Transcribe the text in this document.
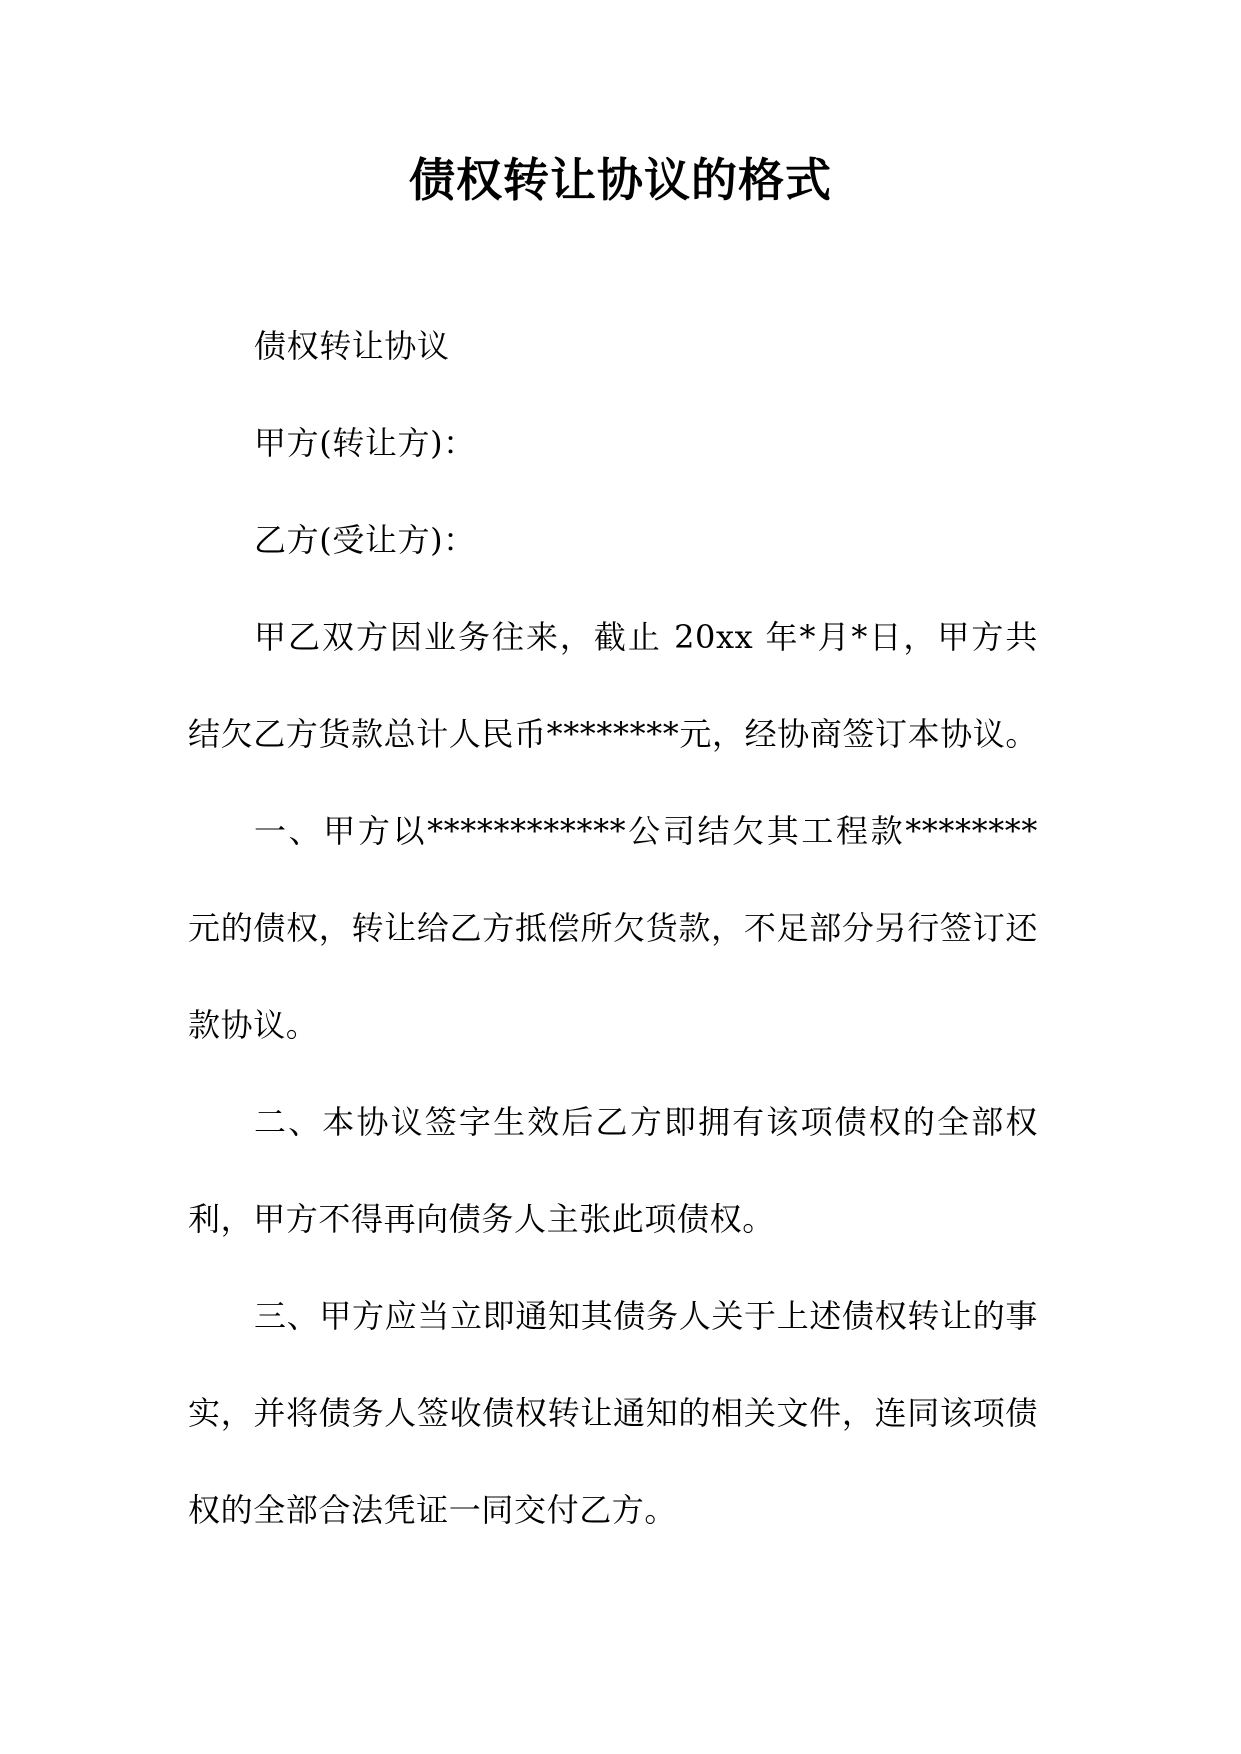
债权转让协议的格式

债权转让协议

甲方(转让方)：

乙方(受让方)：

甲乙双方因业务往来，截止 20xx 年*月*日，甲方共结欠乙方货款总计人民币********元，经协商签订本协议。

一、甲方以************公司结欠其工程款********元的债权，转让给乙方抵偿所欠货款，不足部分另行签订还款协议。

二、本协议签字生效后乙方即拥有该项债权的全部权利，甲方不得再向债务人主张此项债权。

三、甲方应当立即通知其债务人关于上述债权转让的事实，并将债务人签收债权转让通知的相关文件，连同该项债权的全部合法凭证一同交付乙方。
